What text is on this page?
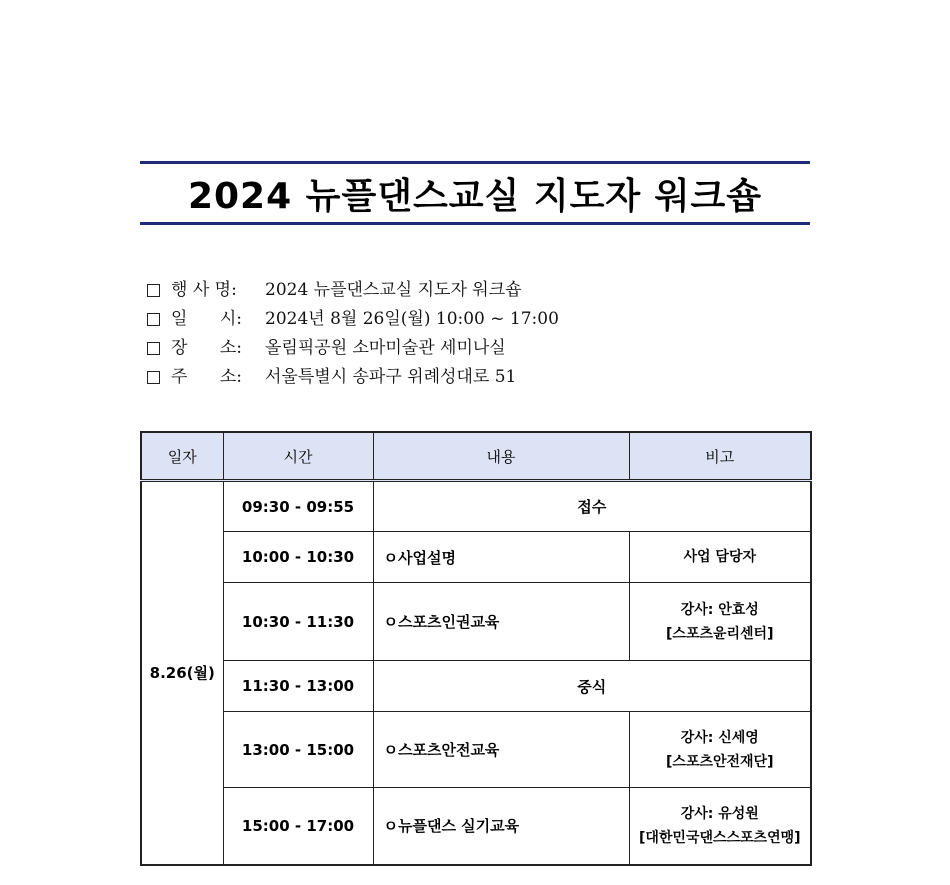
2024 뉴플댄스교실 지도자 워크숍
행 사 명:	2024 뉴플댄스교실 지도자 워크숍
일      시:	2024년 8월 26일(월) 10:00 ~ 17:00
장      소:	올림픽공원 소마미술관 세미나실
주      소:	서울특별시 송파구 위례성대로 51
일자	시간	내용	비고
8.26(월)	09:30 - 09:55	접수	
	10:00 - 10:30	ㅇ사업설명	사업 담당자

	10:30 - 11:30	ㅇ스포츠인권교육	강사: 안효성
[스포츠윤리센터]

	11:30 - 13:00	중식	
	13:00 - 15:00	ㅇ스포츠안전교육	강사: 신세영
[스포츠안전재단]

	15:00 - 17:00	ㅇ뉴플댄스 실기교육	강사: 유성원
[대한민국댄스스포츠연맹]
